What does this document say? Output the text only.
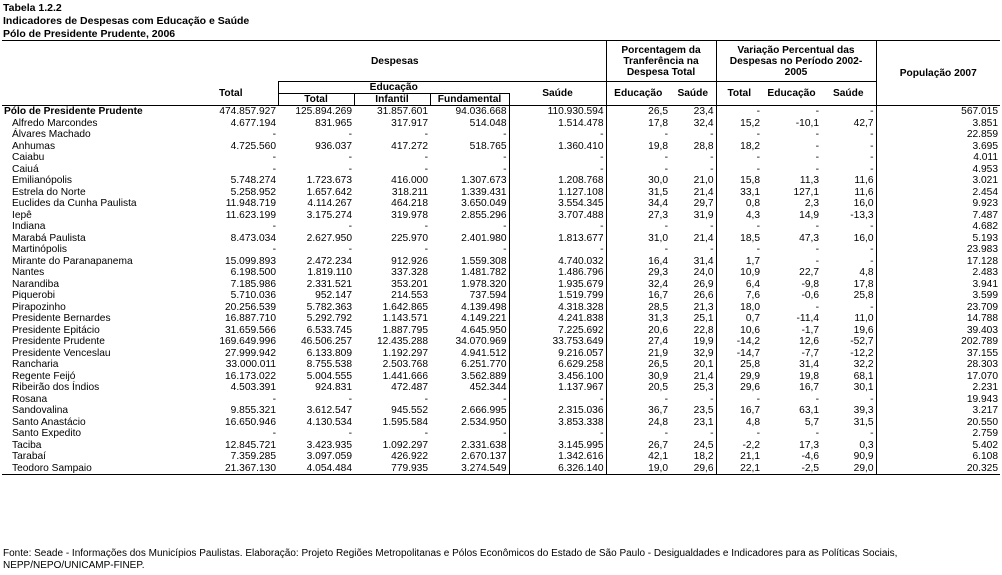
Tabela 1.2.2
Indicadores de Despesas com Educação e Saúde
Pólo de Presidente Prudente, 2006
	Despesas					Porcentagem da Tranferência na Despesa Total		Variação Percentual das Despesas no Período 2002-2005			População 2007
	Total	Educação			Saúde	Educação	Saúde	Total	Educação	Saúde	
		Total	Infantil	Fundamental							
Pólo de Presidente Prudente	474.857.927	125.894.269	31.857.601	94.036.668	110.930.594	26,5	23,4	-	-	-	567.015
Alfredo Marcondes	4.677.194	831.965	317.917	514.048	1.514.478	17,8	32,4	15,2	-10,1	42,7	3.851
Álvares Machado	-	-	-	-	-	-	-	-	-	-	22.859
Anhumas	4.725.560	936.037	417.272	518.765	1.360.410	19,8	28,8	18,2	-	-	3.695
Caiabu	-	-	-	-	-	-	-	-	-	-	4.011
Caiuá	-	-	-	-	-	-	-	-	-	-	4.953
Emilianópolis	5.748.274	1.723.673	416.000	1.307.673	1.208.768	30,0	21,0	15,8	11,3	11,6	3.021
Estrela do Norte	5.258.952	1.657.642	318.211	1.339.431	1.127.108	31,5	21,4	33,1	127,1	11,6	2.454
Euclides da Cunha Paulista	11.948.719	4.114.267	464.218	3.650.049	3.554.345	34,4	29,7	0,8	2,3	16,0	9.923
Iepê	11.623.199	3.175.274	319.978	2.855.296	3.707.488	27,3	31,9	4,3	14,9	-13,3	7.487
Indiana	-	-	-	-	-	-	-	-	-	-	4.682
Marabá Paulista	8.473.034	2.627.950	225.970	2.401.980	1.813.677	31,0	21,4	18,5	47,3	16,0	5.193
Martinópolis	-	-	-	-	-	-	-	-	-	-	23.983
Mirante do Paranapanema	15.099.893	2.472.234	912.926	1.559.308	4.740.032	16,4	31,4	1,7	-	-	17.128
Nantes	6.198.500	1.819.110	337.328	1.481.782	1.486.796	29,3	24,0	10,9	22,7	4,8	2.483
Narandiba	7.185.986	2.331.521	353.201	1.978.320	1.935.679	32,4	26,9	6,4	-9,8	17,8	3.941
Piquerobi	5.710.036	952.147	214.553	737.594	1.519.799	16,7	26,6	7,6	-0,6	25,8	3.599
Pirapozinho	20.256.539	5.782.363	1.642.865	4.139.498	4.318.328	28,5	21,3	18,0	-	-	23.709
Presidente Bernardes	16.887.710	5.292.792	1.143.571	4.149.221	4.241.838	31,3	25,1	0,7	-11,4	11,0	14.788
Presidente Epitácio	31.659.566	6.533.745	1.887.795	4.645.950	7.225.692	20,6	22,8	10,6	-1,7	19,6	39.403
Presidente Prudente	169.649.996	46.506.257	12.435.288	34.070.969	33.753.649	27,4	19,9	-14,2	12,6	-52,7	202.789
Presidente Venceslau	27.999.942	6.133.809	1.192.297	4.941.512	9.216.057	21,9	32,9	-14,7	-7,7	-12,2	37.155
Rancharia	33.000.011	8.755.538	2.503.768	6.251.770	6.629.258	26,5	20,1	25,8	31,4	32,2	28.303
Regente Feijó	16.173.022	5.004.555	1.441.666	3.562.889	3.456.100	30,9	21,4	29,9	19,8	68,1	17.070
Ribeirão dos Índios	4.503.391	924.831	472.487	452.344	1.137.967	20,5	25,3	29,6	16,7	30,1	2.231
Rosana	-	-	-	-	-	-	-	-	-	-	19.943
Sandovalina	9.855.321	3.612.547	945.552	2.666.995	2.315.036	36,7	23,5	16,7	63,1	39,3	3.217
Santo Anastácio	16.650.946	4.130.534	1.595.584	2.534.950	3.853.338	24,8	23,1	4,8	5,7	31,5	20.550
Santo Expedito	-	-	-	-	-	-	-	-	-	-	2.759
Taciba	12.845.721	3.423.935	1.092.297	2.331.638	3.145.995	26,7	24,5	-2,2	17,3	0,3	5.402
Tarabaí	7.359.285	3.097.059	426.922	2.670.137	1.342.616	42,1	18,2	21,1	-4,6	90,9	6.108
Teodoro Sampaio	21.367.130	4.054.484	779.935	3.274.549	6.326.140	19,0	29,6	22,1	-2,5	29,0	20.325
Fonte: Seade - Informações dos Municípios Paulistas. Elaboração: Projeto Regiões Metropolitanas e Pólos Econômicos do Estado de São Paulo - Desigualdades e Indicadores para as Políticas Sociais,
NEPP/NEPO/UNICAMP-FINEP.
